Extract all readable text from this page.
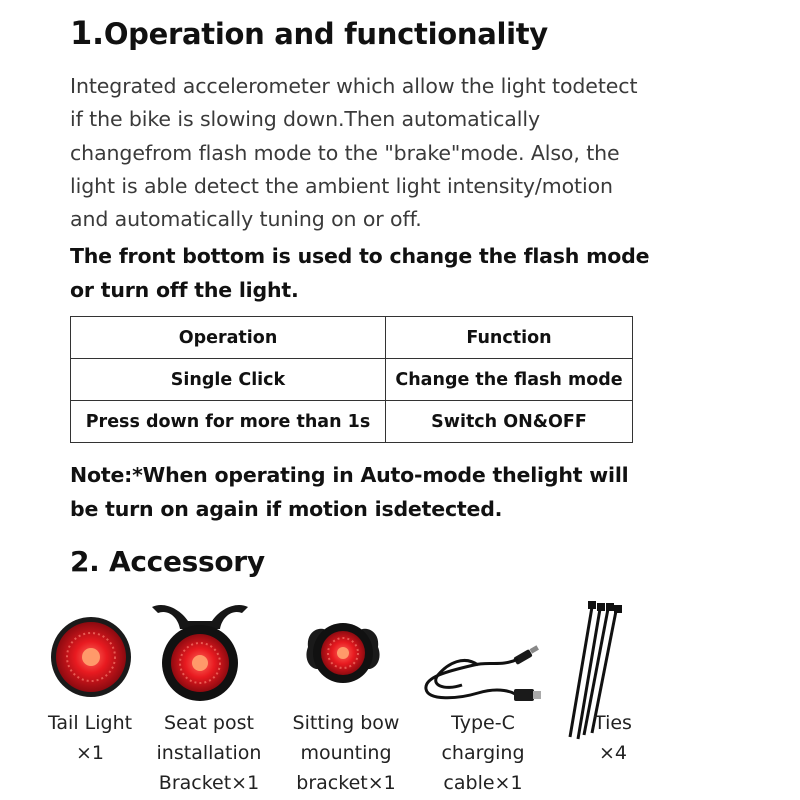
1.Operation and functionality
Integrated accelerometer which allow the light todetect
if the bike is slowing down.Then automatically
changefrom flash mode to the "brake"mode. Also, the
light is able detect the ambient light intensity/motion
and automatically tuning on or off.
The front bottom is used to change the flash mode
or turn off the light.
Operation	Function
Single Click	Change the flash mode
Press down for more than 1s	Switch ON&OFF
Note:*When operating in Auto-mode thelight will
be turn on again if motion isdetected.
2. Accessory
Tail Light
×1
Seat post
installation
Bracket×1
Sitting bow
mounting
bracket×1
Type-C
charging
cable×1
Ties
×4
